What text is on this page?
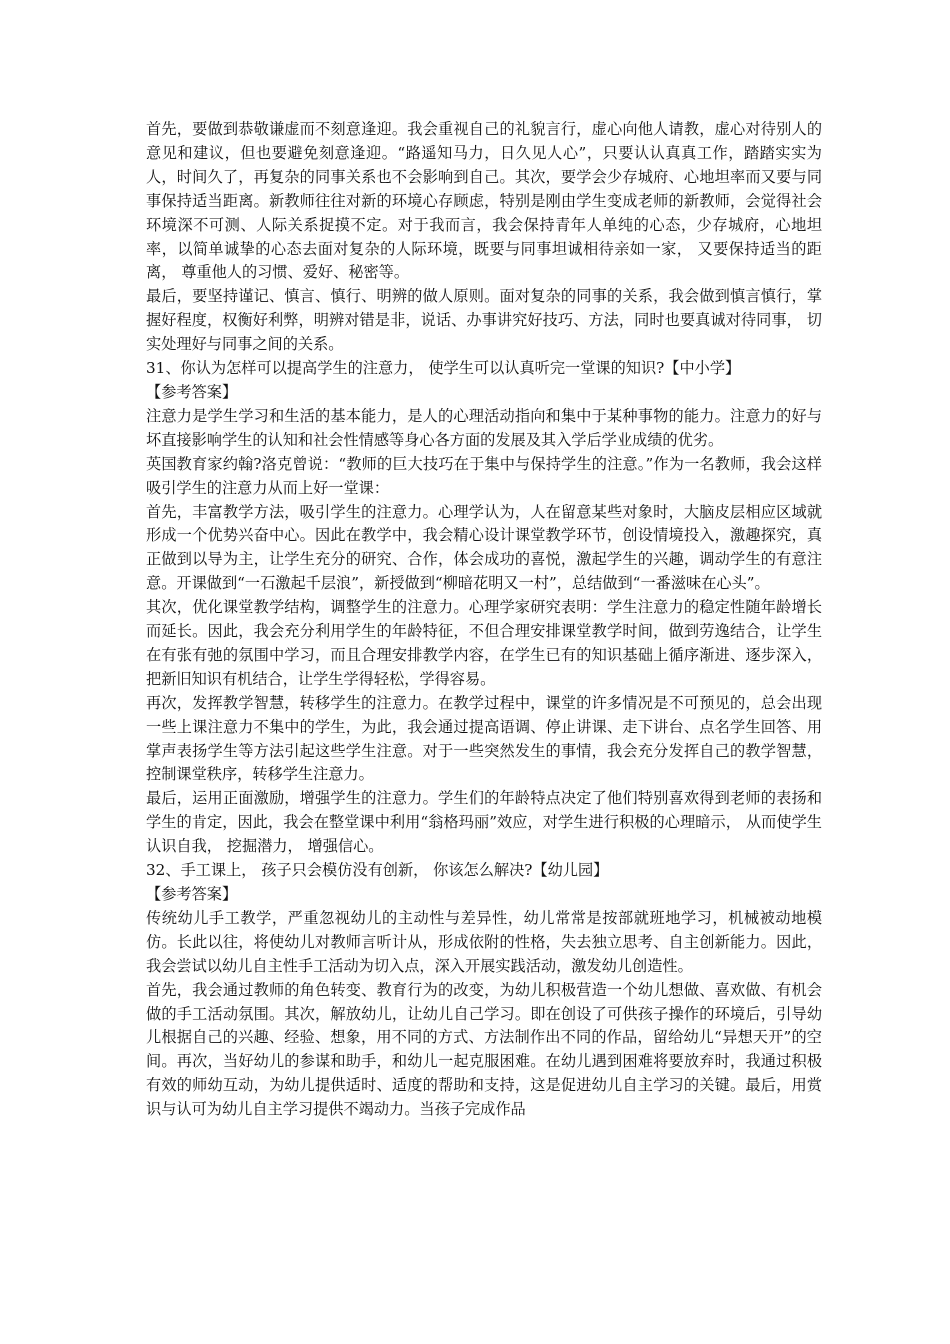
首先，要做到恭敬谦虚而不刻意逢迎。我会重视自己的礼貌言行，虚心向他人请教，虚心对待别人的意见和建议，但也要避免刻意逢迎。“路遥知马力，日久见人心”，只要认认真真工作，踏踏实实为人，时间久了，再复杂的同事关系也不会影响到自己。其次，要学会少存城府、心地坦率而又要与同事保持适当距离。新教师往往对新的环境心存顾虑，特别是刚由学生变成老师的新教师，会觉得社会环境深不可测、人际关系捉摸不定。对于我而言，我会保持青年人单纯的心态，少存城府，心地坦率，以简单诚挚的心态去面对复杂的人际环境，既要与同事坦诚相待亲如一家， 又要保持适当的距离， 尊重他人的习惯、爱好、秘密等。

最后，要坚持谨记、慎言、慎行、明辨的做人原则。面对复杂的同事的关系，我会做到慎言慎行，掌握好程度，权衡好利弊，明辨对错是非，说话、办事讲究好技巧、方法，同时也要真诚对待同事， 切实处理好与同事之间的关系。

31、你认为怎样可以提高学生的注意力， 使学生可以认真听完一堂课的知识?【中小学】

【参考答案】

注意力是学生学习和生活的基本能力，是人的心理活动指向和集中于某种事物的能力。注意力的好与坏直接影响学生的认知和社会性情感等身心各方面的发展及其入学后学业成绩的优劣。

英国教育家约翰?洛克曾说：“教师的巨大技巧在于集中与保持学生的注意。”作为一名教师，我会这样吸引学生的注意力从而上好一堂课：

首先，丰富教学方法，吸引学生的注意力。心理学认为，人在留意某些对象时，大脑皮层相应区域就形成一个优势兴奋中心。因此在教学中，我会精心设计课堂教学环节，创设情境投入，激趣探究，真正做到以导为主，让学生充分的研究、合作，体会成功的喜悦，激起学生的兴趣，调动学生的有意注意。开课做到“一石激起千层浪”，新授做到“柳暗花明又一村”，总结做到“一番滋味在心头”。

其次，优化课堂教学结构，调整学生的注意力。心理学家研究表明：学生注意力的稳定性随年龄增长而延长。因此，我会充分利用学生的年龄特征，不但合理安排课堂教学时间，做到劳逸结合，让学生在有张有弛的氛围中学习，而且合理安排教学内容，在学生已有的知识基础上循序渐进、逐步深入，把新旧知识有机结合，让学生学得轻松，学得容易。

再次，发挥教学智慧，转移学生的注意力。在教学过程中，课堂的许多情况是不可预见的，总会出现一些上课注意力不集中的学生，为此，我会通过提高语调、停止讲课、走下讲台、点名学生回答、用掌声表扬学生等方法引起这些学生注意。对于一些突然发生的事情，我会充分发挥自己的教学智慧，控制课堂秩序，转移学生注意力。

最后，运用正面激励，增强学生的注意力。学生们的年龄特点决定了他们特别喜欢得到老师的表扬和学生的肯定，因此，我会在整堂课中利用“翁格玛丽”效应，对学生进行积极的心理暗示， 从而使学生认识自我， 挖掘潜力， 增强信心。

32、手工课上， 孩子只会模仿没有创新， 你该怎么解决?【幼儿园】

【参考答案】

传统幼儿手工教学，严重忽视幼儿的主动性与差异性，幼儿常常是按部就班地学习，机械被动地模仿。长此以往，将使幼儿对教师言听计从，形成依附的性格，失去独立思考、自主创新能力。因此，我会尝试以幼儿自主性手工活动为切入点，深入开展实践活动，激发幼儿创造性。

首先，我会通过教师的角色转变、教育行为的改变，为幼儿积极营造一个幼儿想做、喜欢做、有机会做的手工活动氛围。其次，解放幼儿，让幼儿自己学习。即在创设了可供孩子操作的环境后，引导幼儿根据自己的兴趣、经验、想象，用不同的方式、方法制作出不同的作品，留给幼儿“异想天开”的空间。再次，当好幼儿的参谋和助手，和幼儿一起克服困难。在幼儿遇到困难将要放弃时，我通过积极有效的师幼互动，为幼儿提供适时、适度的帮助和支持，这是促进幼儿自主学习的关键。最后，用赏识与认可为幼儿自主学习提供不竭动力。当孩子完成作品
